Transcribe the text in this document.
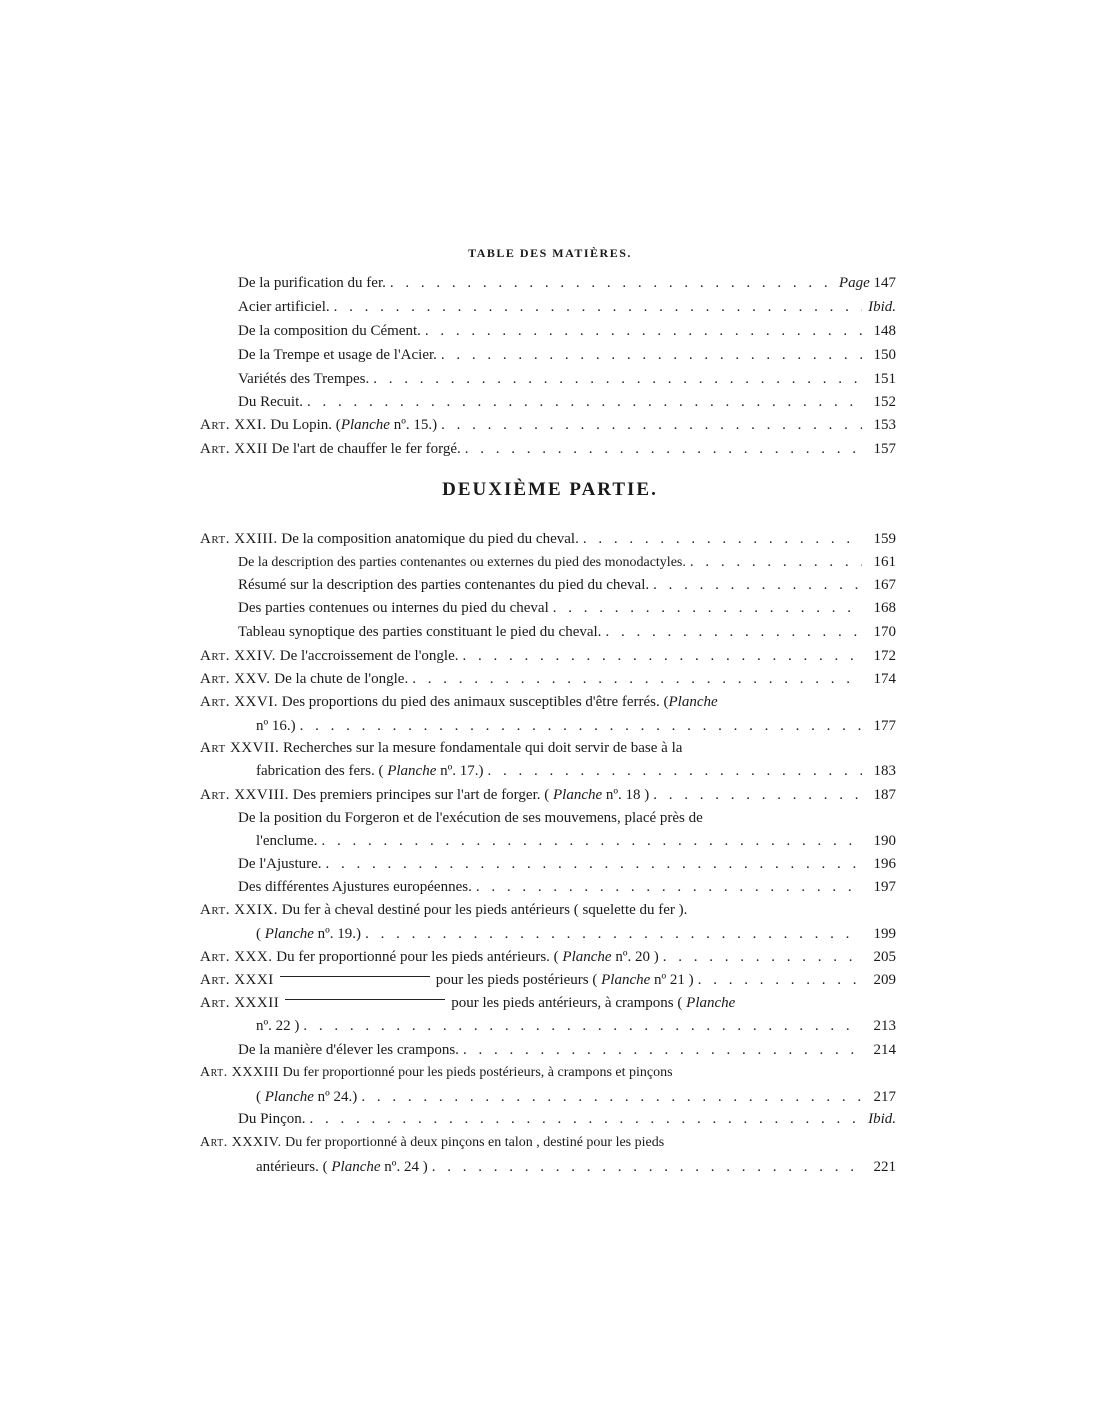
TABLE DES MATIÈRES.
DEUXIÈME PARTIE.
De la purification du fer. . . .	Page 147
Acier artificiel. . . .	Ibid.
De la composition du Cément. . . .	148
De la Trempe et usage de l'Acier. . . .	150
Variétés des Trempes. . . .	151
Du Recuit. . . .	152
Art. XXI. Du Lopin. (Planche nº. 15.) . . .	153
Art. XXII De l'art de chauffer le fer forgé. . . .	157
Art. XXIII. De la composition anatomique du pied du cheval. . . .	159
De la description des parties contenantes ou externes du pied des monodactyles. . . .	161
Résumé sur la description des parties contenantes du pied du cheval. . . .	167
Des parties contenues ou internes du pied du cheval . . .	168
Tableau synoptique des parties constituant le pied du cheval. . . .	170
Art. XXIV. De l'accroissement de l'ongle. . . .	172
Art. XXV. De la chute de l'ongle. . . .	174
Art. XXVI. Des proportions du pied des animaux susceptibles d'être ferrés. (Planche
nº 16.) . . .	177
Art XXVII. Recherches sur la mesure fondamentale qui doit servir de base à la
fabrication des fers. ( Planche nº. 17.) . . .	183
Art. XXVIII. Des premiers principes sur l'art de forger. ( Planche nº. 18 ) . . .	187
De la position du Forgeron et de l'exécution de ses mouvemens, placé près de
l'enclume. . . .	190
De l'Ajusture. . . .	196
Des différentes Ajustures européennes. . . .	197
Art. XXIX. Du fer à cheval destiné pour les pieds antérieurs ( squelette du fer ).
( Planche nº. 19.) . . .	199
Art. XXX. Du fer proportionné pour les pieds antérieurs. ( Planche nº. 20 ) . . .	205
Art. XXXI	pour les pieds postérieurs ( Planche nº 21 ) . . .	209
Art. XXXII	pour les pieds antérieurs, à crampons ( Planche
nº. 22 ) . . .	213
De la manière d'élever les crampons. . . .	214
Art. XXXIII Du fer proportionné pour les pieds postérieurs, à crampons et pinçons
( Planche nº 24.) . . .	217
Du Pinçon. . . .	Ibid.
Art. XXXIV. Du fer proportionné à deux pinçons en talon , destiné pour les pieds
antérieurs. ( Planche nº. 24 ) . . .	221
